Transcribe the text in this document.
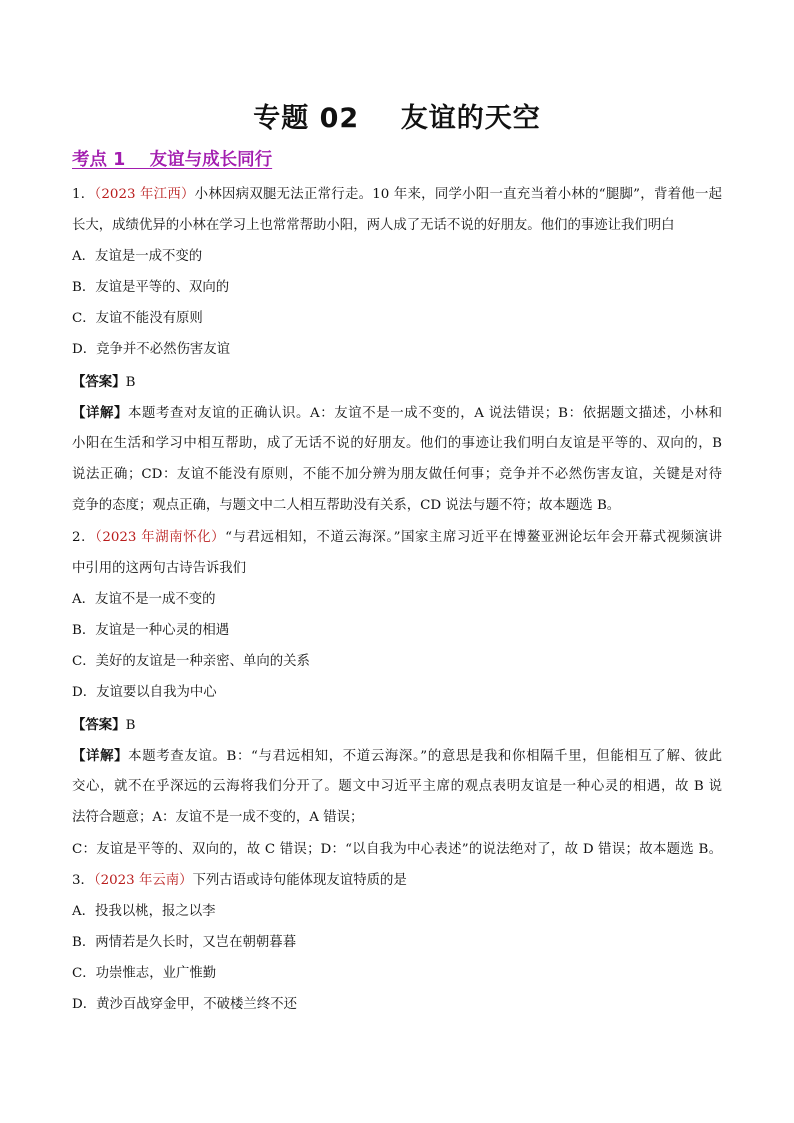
专题 02    友谊的天空
考点 1    友谊与成长同行
1．（2023 年江西）小林因病双腿无法正常行走。10 年来，同学小阳一直充当着小林的“腿脚”，背着他一起
长大，成绩优异的小林在学习上也常常帮助小阳，两人成了无话不说的好朋友。他们的事迹让我们明白
A．友谊是一成不变的
B．友谊是平等的、双向的
C．友谊不能没有原则
D．竞争并不必然伤害友谊
【答案】B
【详解】本题考查对友谊的正确认识。A：友谊不是一成不变的，A 说法错误；B：依据题文描述，小林和
小阳在生活和学习中相互帮助，成了无话不说的好朋友。他们的事迹让我们明白友谊是平等的、双向的，B
说法正确；CD：友谊不能没有原则，不能不加分辨为朋友做任何事；竞争并不必然伤害友谊，关键是对待
竞争的态度；观点正确，与题文中二人相互帮助没有关系，CD 说法与题不符；故本题选 B。
2．（2023 年湖南怀化）“与君远相知，不道云海深。”国家主席习近平在博鳌亚洲论坛年会开幕式视频演讲
中引用的这两句古诗告诉我们
A．友谊不是一成不变的
B．友谊是一种心灵的相遇
C．美好的友谊是一种亲密、单向的关系
D．友谊要以自我为中心
【答案】B
【详解】本题考查友谊。B：“与君远相知，不道云海深。”的意思是我和你相隔千里，但能相互了解、彼此
交心，就不在乎深远的云海将我们分开了。题文中习近平主席的观点表明友谊是一种心灵的相遇，故 B 说
法符合题意；A：友谊不是一成不变的，A 错误；
C：友谊是平等的、双向的，故 C 错误；D：“以自我为中心表述”的说法绝对了，故 D 错误；故本题选 B。
3．（2023 年云南）下列古语或诗句能体现友谊特质的是
A．投我以桃，报之以李
B．两情若是久长时，又岂在朝朝暮暮
C．功崇惟志，业广惟勤
D．黄沙百战穿金甲，不破楼兰终不还
